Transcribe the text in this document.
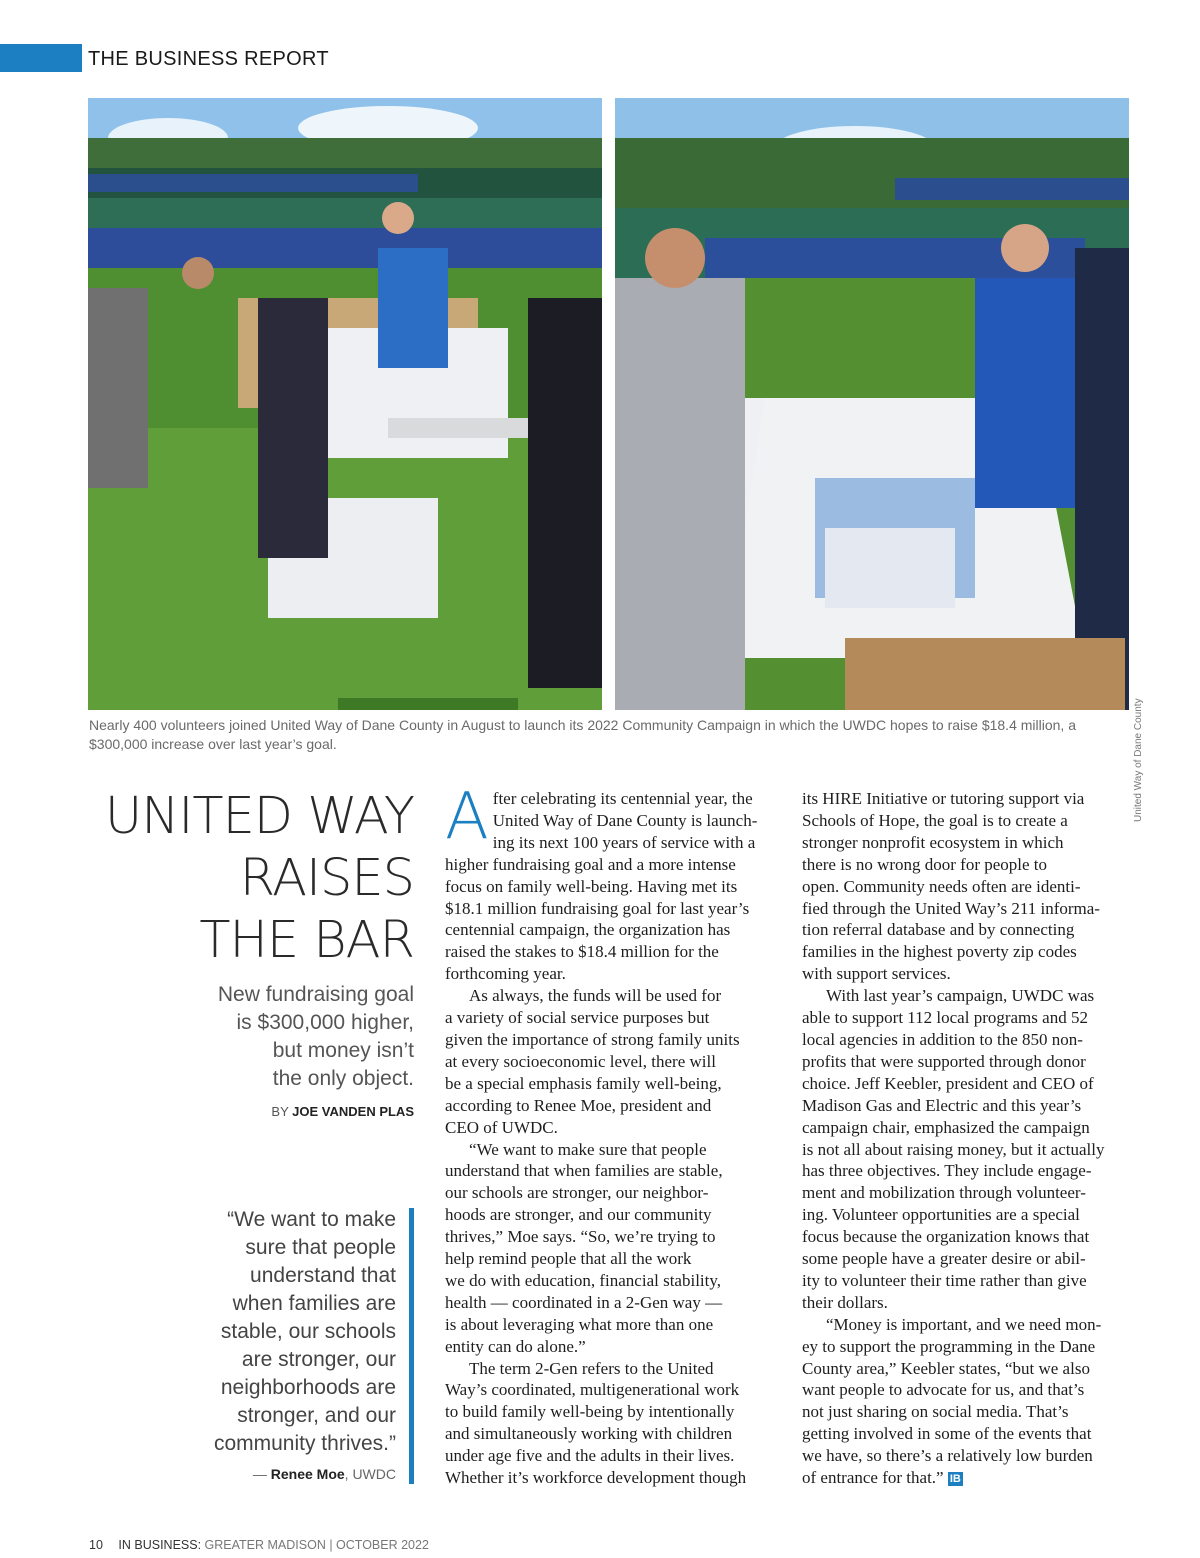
THE BUSINESS REPORT
United Way of Dane County
Nearly 400 volunteers joined United Way of Dane County in August to launch its 2022 Community Campaign in which the UWDC hopes to raise $18.4 million, a $300,000 increase over last year’s goal.
UNITED WAY
RAISES
THE BAR
New fundraising goal
is $300,000 higher,
but money isn’t
the only object.
BY JOE VANDEN PLAS
“We want to make
sure that people
understand that
when families are
stable, our schools
are stronger, our
neighborhoods are
stronger, and our
community thrives.”
— Renee Moe, UWDC
A fter celebrating its centennial year, the
United Way of Dane County is launch-
ing its next 100 years of service with a
higher fundraising goal and a more intense
focus on family well-being. Having met its
$18.1 million fundraising goal for last year’s
centennial campaign, the organization has
raised the stakes to $18.4 million for the
forthcoming year.
As always, the funds will be used for
a variety of social service purposes but
given the importance of strong family units
at every socioeconomic level, there will
be a special emphasis family well-being,
according to Renee Moe, president and
CEO of UWDC.
“We want to make sure that people
understand that when families are stable,
our schools are stronger, our neighbor-
hoods are stronger, and our community
thrives,” Moe says. “So, we’re trying to
help remind people that all the work
we do with education, financial stability,
health — coordinated in a 2-Gen way —
is about leveraging what more than one
entity can do alone.”
The term 2-Gen refers to the United
Way’s coordinated, multigenerational work
to build family well-being by intentionally
and simultaneously working with children
under age five and the adults in their lives.
Whether it’s workforce development though
its HIRE Initiative or tutoring support via
Schools of Hope, the goal is to create a
stronger nonprofit ecosystem in which
there is no wrong door for people to
open. Community needs often are identi-
fied through the United Way’s 211 informa-
tion referral database and by connecting
families in the highest poverty zip codes
with support services.
With last year’s campaign, UWDC was
able to support 112 local programs and 52
local agencies in addition to the 850 non-
profits that were supported through donor
choice. Jeff Keebler, president and CEO of
Madison Gas and Electric and this year’s
campaign chair, emphasized the campaign
is not all about raising money, but it actually
has three objectives. They include engage-
ment and mobilization through volunteer-
ing. Volunteer opportunities are a special
focus because the organization knows that
some people have a greater desire or abil-
ity to volunteer their time rather than give
their dollars.
“Money is important, and we need mon-
ey to support the programming in the Dane
County area,” Keebler states, “but we also
want people to advocate for us, and that’s
not just sharing on social media. That’s
getting involved in some of the events that
we have, so there’s a relatively low burden
of entrance for that.” IB
10 IN BUSINESS: GREATER MADISON | OCTOBER 2022
